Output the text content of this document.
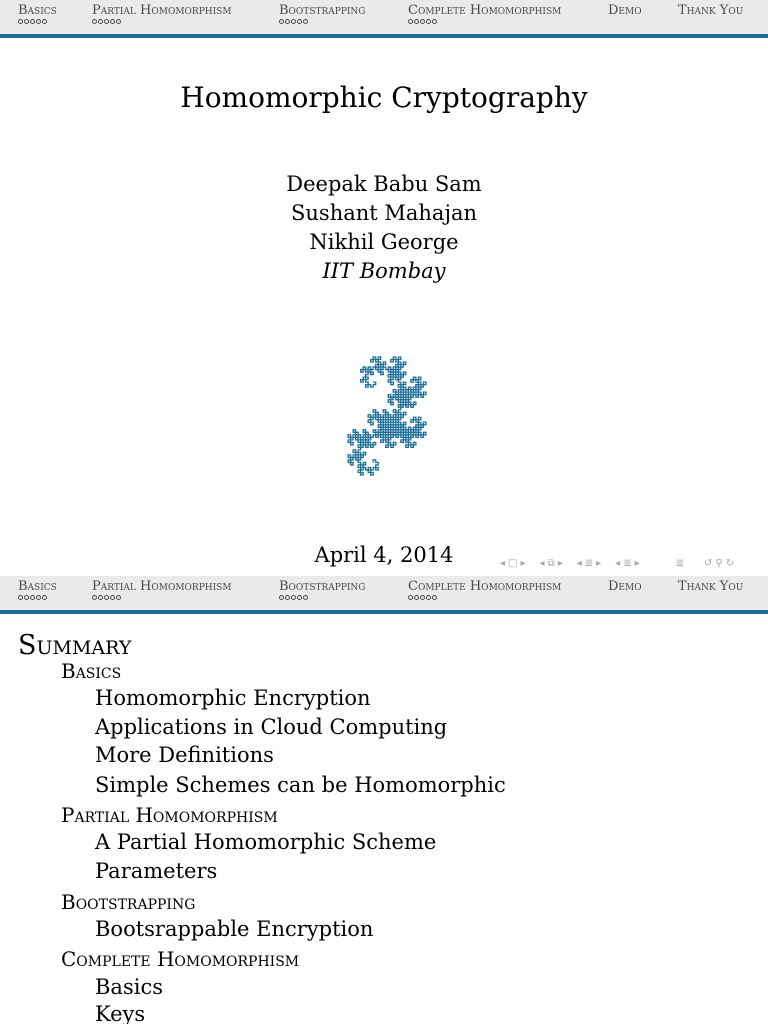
Basics	Partial Homomorphism	Bootstrapping	Complete Homomorphism	Demo	Thank You
Homomorphic Cryptography
Deepak Babu Sam
Sushant Mahajan
Nikhil George
IIT Bombay
April 4, 2014	◂ □ ▸ ◂ ⧉ ▸ ◂ ≣ ▸ ◂ ≣ ▸	≣ ↺ ⚲ ↻
Basics	Partial Homomorphism	Bootstrapping	Complete Homomorphism	Demo	Thank You
Summary
Basics
Homomorphic Encryption
Applications in Cloud Computing
More Definitions
Simple Schemes can be Homomorphic
Partial Homomorphism
A Partial Homomorphic Scheme
Parameters
Bootstrapping
Bootsrappable Encryption
Complete Homomorphism
Basics
Keys
